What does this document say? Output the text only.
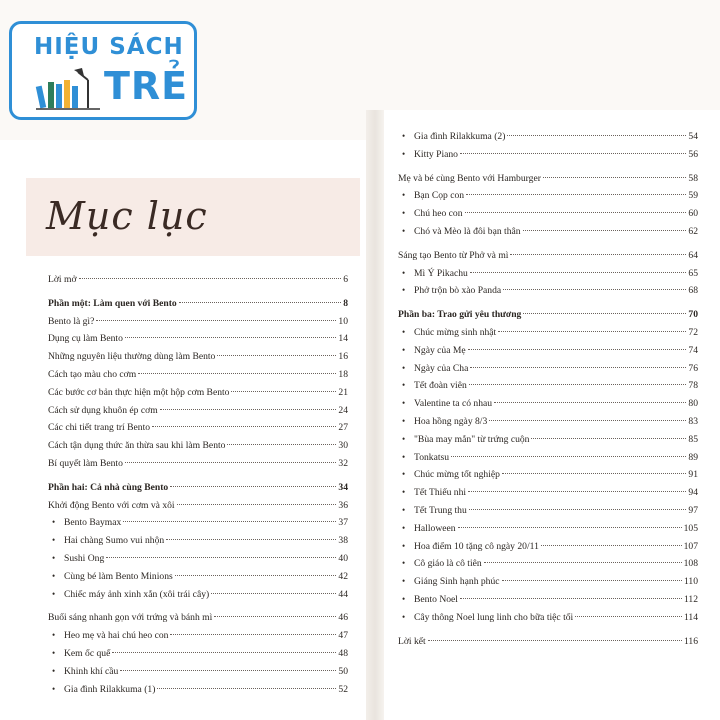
HIỆU SÁCH
TRẺ
Mục lục
Lời mở	6
Phần một: Làm quen với Bento	8
Bento là gì?	10
Dụng cụ làm Bento	14
Những nguyên liệu thường dùng làm Bento	16
Cách tạo màu cho cơm	18
Các bước cơ bản thực hiện một hộp cơm Bento	21
Cách sử dụng khuôn ép cơm	24
Các chi tiết trang trí Bento	27
Cách tận dụng thức ăn thừa sau khi làm Bento	30
Bí quyết làm Bento	32
Phần hai: Cả nhà cùng Bento	34
Khởi động Bento với cơm và xôi	36
• Bento Baymax	37
• Hai chàng Sumo vui nhộn	38
• Sushi Ong	40
• Cùng bé làm Bento Minions	42
• Chiếc máy ảnh xinh xắn (xôi trái cây)	44
Buổi sáng nhanh gọn với trứng và bánh mì	46
• Heo mẹ và hai chú heo con	47
• Kem ốc quế	48
• Khinh khí cầu	50
• Gia đình Rilakkuma (1)	52
• Gia đình Rilakkuma (2)	54
• Kitty Piano	56
Mẹ và bé cùng Bento với Hamburger	58
• Bạn Cọp con	59
• Chú heo con	60
• Chó và Mèo là đôi bạn thân	62
Sáng tạo Bento từ Phở và mì	64
• Mì Ý Pikachu	65
• Phở trộn bò xào Panda	68
Phần ba: Trao gửi yêu thương	70
• Chúc mừng sinh nhật	72
• Ngày của Mẹ	74
• Ngày của Cha	76
• Tết đoàn viên	78
• Valentine ta có nhau	80
• Hoa hồng ngày 8/3	83
• "Bùa may mắn" từ trứng cuộn	85
• Tonkatsu	89
• Chúc mừng tốt nghiệp	91
• Tết Thiếu nhi	94
• Tết Trung thu	97
• Halloween	105
• Hoa điểm 10 tặng cô ngày 20/11	107
• Cô giáo là cô tiên	108
• Giáng Sinh hạnh phúc	110
• Bento Noel	112
• Cây thông Noel lung linh cho bữa tiệc tối	114
Lời kết	116
